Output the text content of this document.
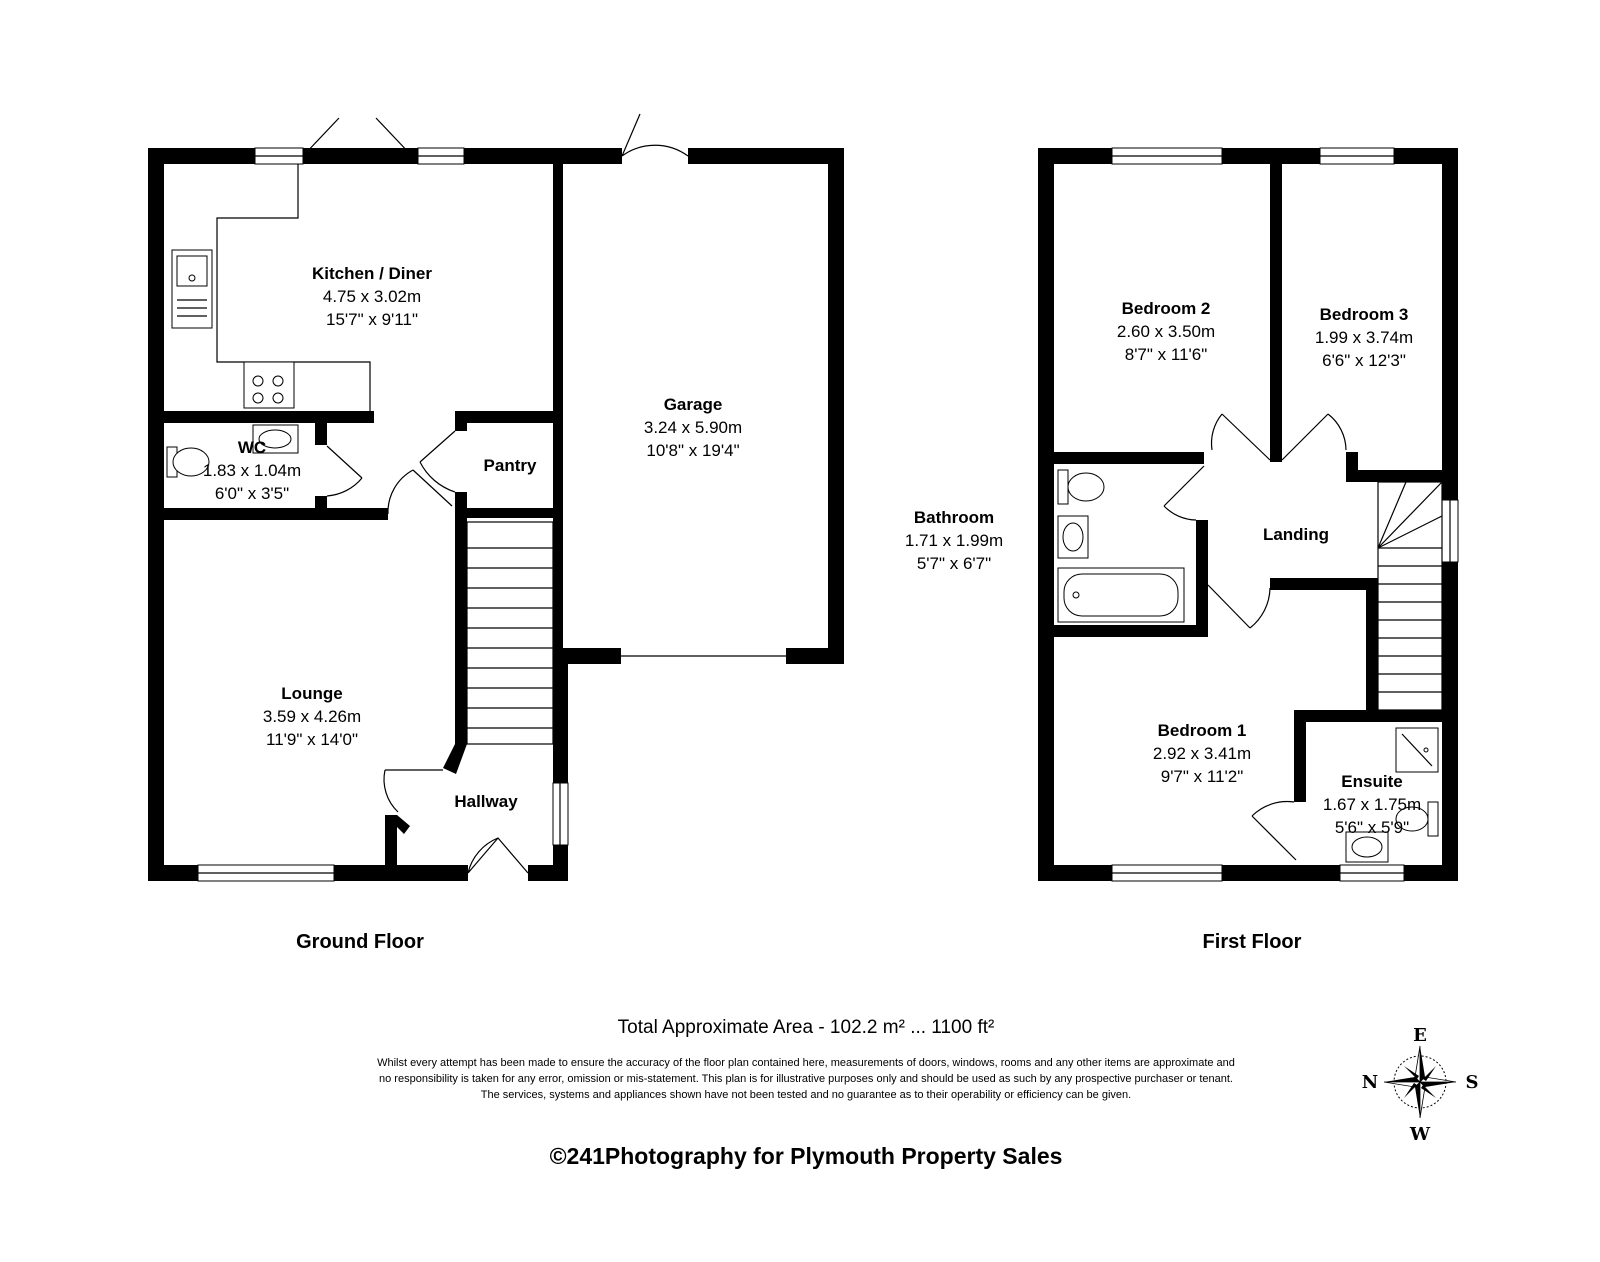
E
N	S
W
Kitchen / Diner
4.75 x 3.02m
15'7" x 9'11"
WC
1.83 x 1.04m
6'0" x 3'5"
Pantry
Garage
3.24 x 5.90m
10'8" x 19'4"
Lounge
3.59 x 4.26m
11'9" x 14'0"
Hallway
Bathroom
1.71 x 1.99m
5'7" x 6'7"
Bedroom 2
2.60 x 3.50m
8'7" x 11'6"
Bedroom 3
1.99 x 3.74m
6'6" x 12'3"
Landing
Bedroom 1
2.92 x 3.41m
9'7" x 11'2"	Ensuite
1.67 x 1.75m
5'6" x 5'9"
Ground Floor	First Floor
Total Approximate Area - 102.2 m² ... 1100 ft²
Whilst every attempt has been made to ensure the accuracy of the floor plan contained here, measurements of doors, windows, rooms and any other items are approximate and
no responsibility is taken for any error, omission or mis-statement. This plan is for illustrative purposes only and should be used as such by any prospective purchaser or tenant.
The services, systems and appliances shown have not been tested and no guarantee as to their operability or efficiency can be given.
©241Photography for Plymouth Property Sales
